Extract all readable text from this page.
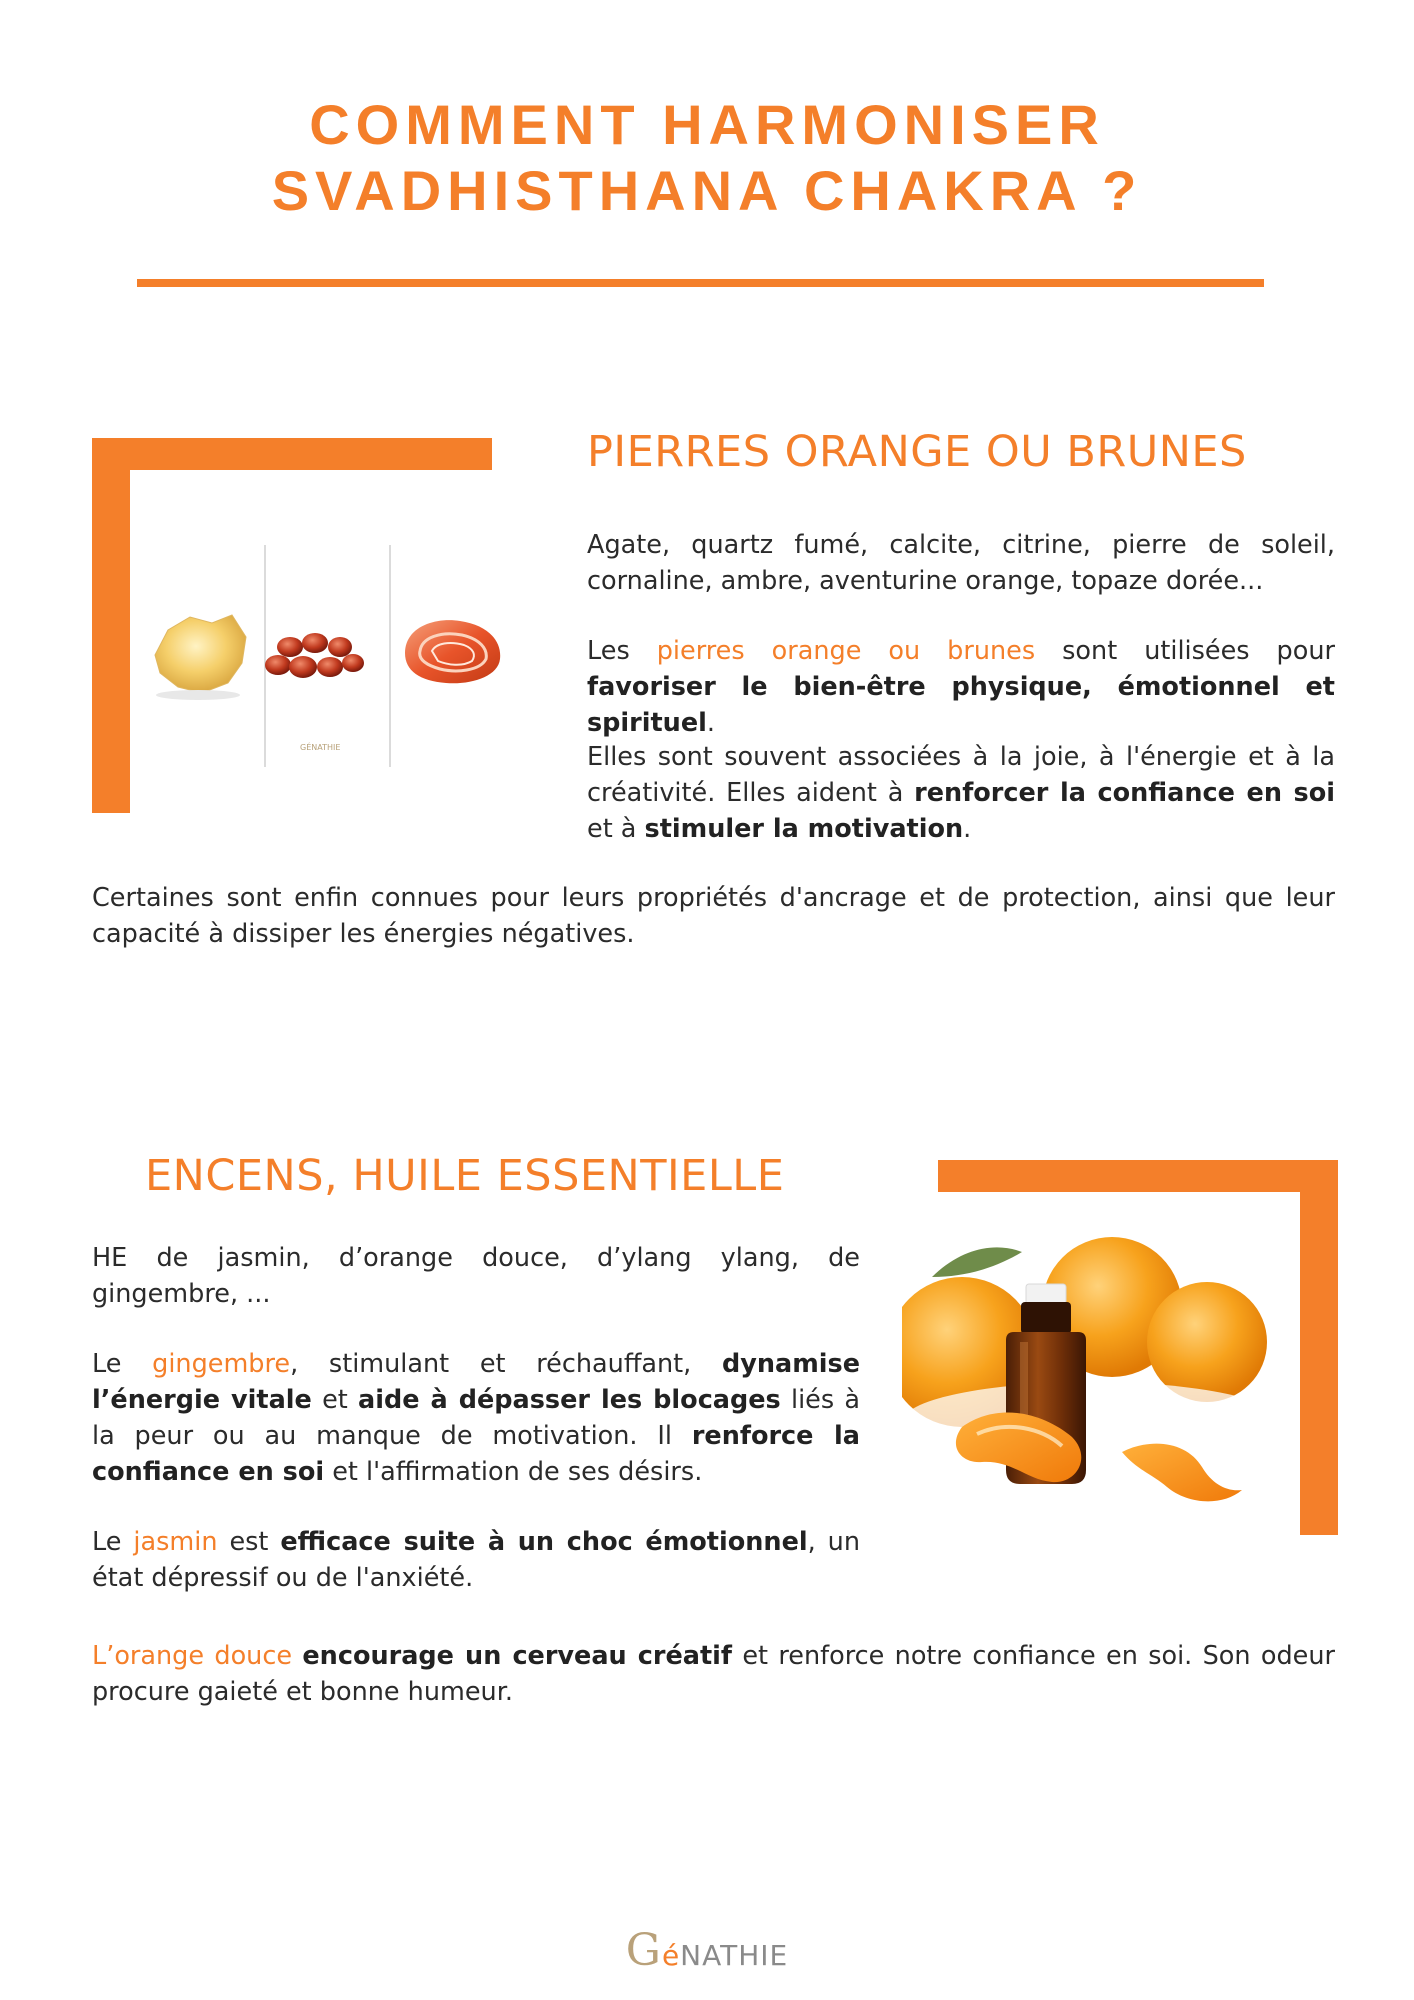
COMMENT HARMONISER
SVADHISTHANA CHAKRA ?
GÉNATHIE
PIERRES ORANGE OU BRUNES

Agate, quartz fumé, calcite, citrine, pierre de soleil, cornaline, ambre, aventurine orange, topaze dorée...

Les pierres orange ou brunes sont utilisées pour favoriser le bien-être physique, émotionnel et spirituel.

Elles sont souvent associées à la joie, à l'énergie et à la créativité. Elles aident à renforcer la confiance en soi et à stimuler la motivation.

Certaines sont enfin connues pour leurs propriétés d'ancrage et de protection, ainsi que leur capacité à dissiper les énergies négatives.

ENCENS, HUILE ESSENTIELLE

HE de jasmin, d’orange douce, d’ylang ylang, de gingembre, ...

Le gingembre, stimulant et réchauffant, dynamise l’énergie vitale et aide à dépasser les blocages liés à la peur ou au manque de motivation. Il renforce la confiance en soi et l'affirmation de ses désirs.

Le jasmin est efficace suite à un choc émotionnel, un état dépressif ou de l'anxiété.

L’orange douce encourage un cerveau créatif et renforce notre confiance en soi. Son odeur procure gaieté et bonne humeur.

GéNATHIE
